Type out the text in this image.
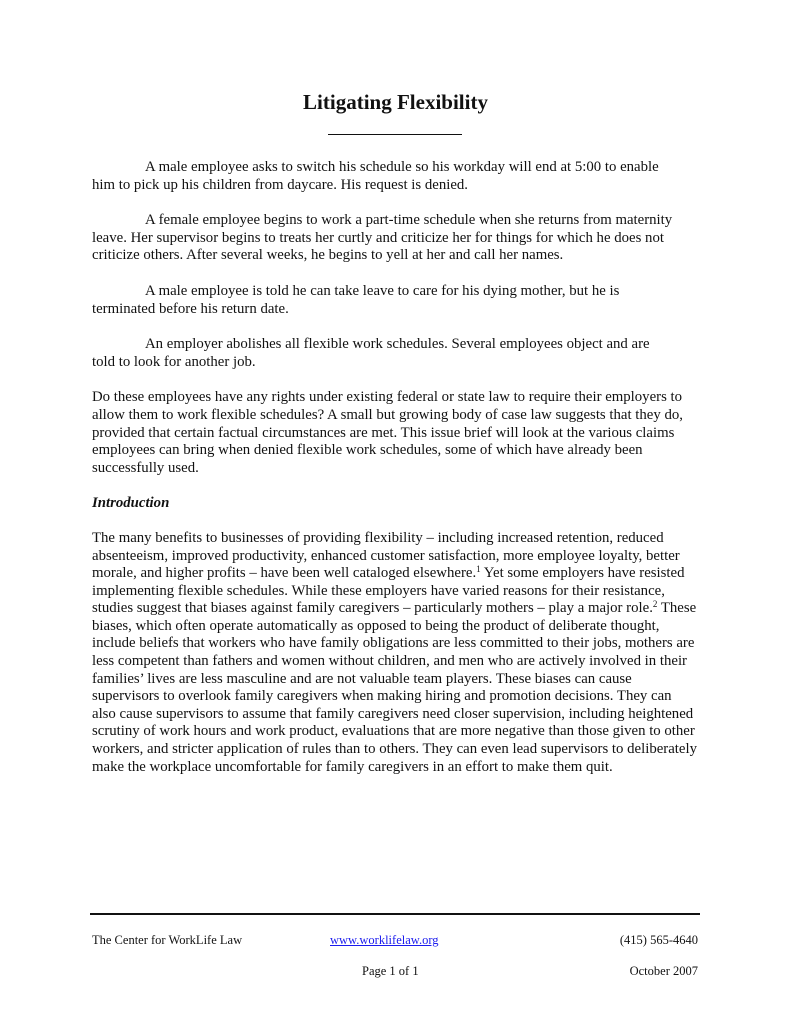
Litigating Flexibility

A male employee asks to switch his schedule so his workday will end at 5:00 to enable him to pick up his children from daycare. His request is denied.

A female employee begins to work a part-time schedule when she returns from maternity leave. Her supervisor begins to treats her curtly and criticize her for things for which he does not criticize others. After several weeks, he begins to yell at her and call her names.

A male employee is told he can take leave to care for his dying mother, but he is terminated before his return date.

An employer abolishes all flexible work schedules. Several employees object and are told to look for another job.

Do these employees have any rights under existing federal or state law to require their employers to allow them to work flexible schedules? A small but growing body of case law suggests that they do, provided that certain factual circumstances are met. This issue brief will look at the various claims employees can bring when denied flexible work schedules, some of which have already been successfully used.

Introduction

The many benefits to businesses of providing flexibility – including increased retention, reduced absenteeism, improved productivity, enhanced customer satisfaction, more employee loyalty, better morale, and higher profits – have been well cataloged elsewhere.$^1$ Yet some employers have resisted implementing flexible schedules. While these employers have varied reasons for their resistance, studies suggest that biases against family caregivers – particularly mothers – play a major role.$^2$ These biases, which often operate automatically as opposed to being the product of deliberate thought, include beliefs that workers who have family obligations are less committed to their jobs, mothers are less competent than fathers and women without children, and men who are actively involved in their families’ lives are less masculine and are not valuable team players. These biases can cause supervisors to overlook family caregivers when making hiring and promotion decisions. They can also cause supervisors to assume that family caregivers need closer supervision, including heightened scrutiny of work hours and work product, evaluations that are more negative than those given to other workers, and stricter application of rules than to others. They can even lead supervisors to deliberately make the workplace uncomfortable for family caregivers in an effort to make them quit.

The Center for WorkLife Law	www.worklifelaw.org	(415) 565-4640
Page 1 of 1	October 2007
